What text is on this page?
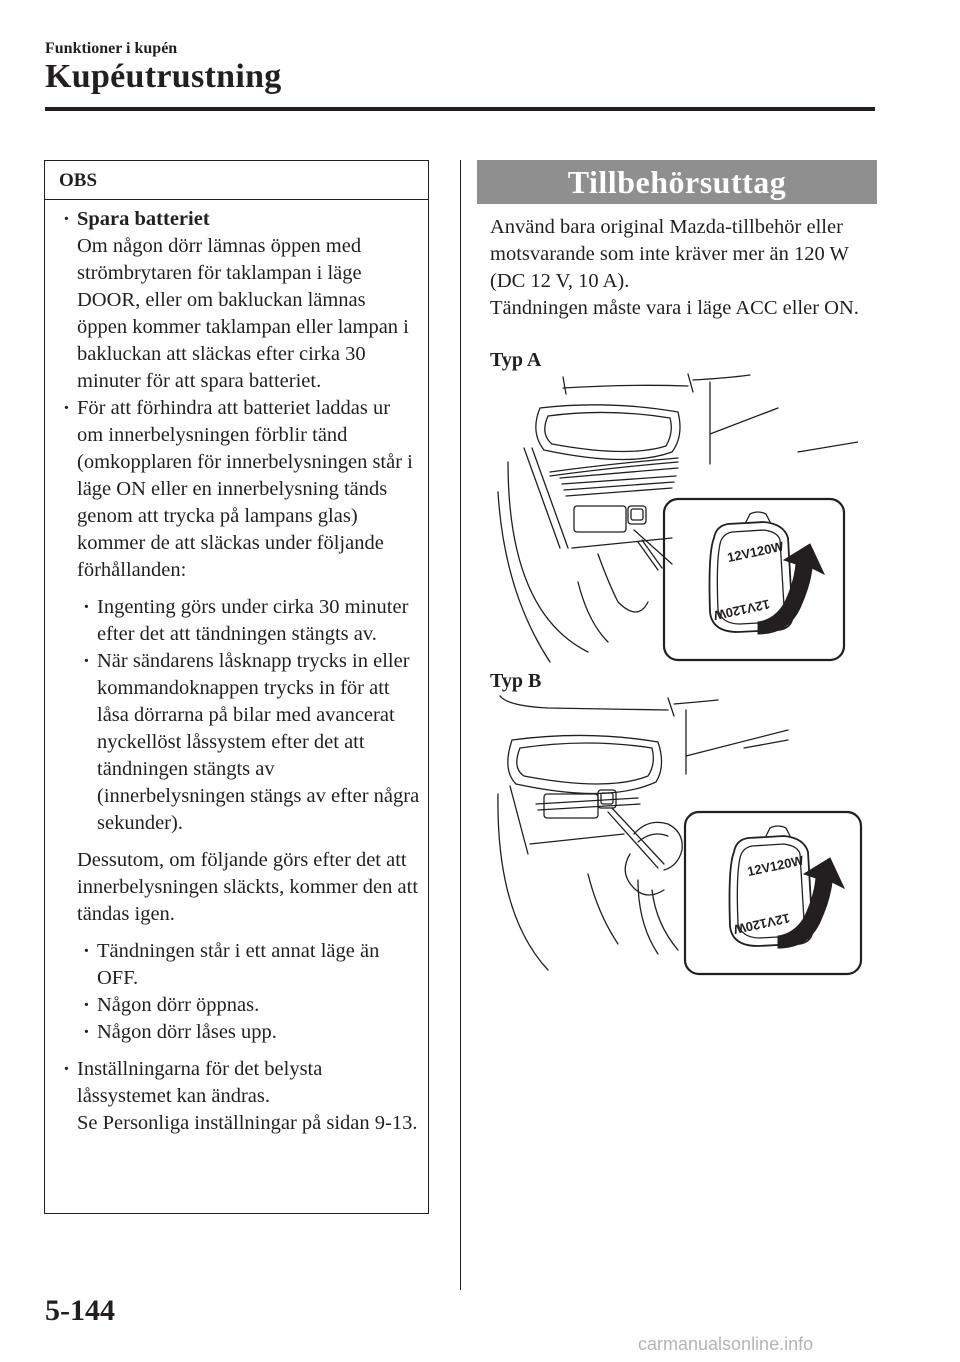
Funktioner i kupén
Kupéutrustning
OBS
· Spara batteriet
Om någon dörr lämnas öppen med strömbrytaren för taklampan i läge DOOR, eller om bakluckan lämnas öppen kommer taklampan eller lampan i bakluckan att släckas efter cirka 30 minuter för att spara batteriet.
· För att förhindra att batteriet laddas ur om innerbelysningen förblir tänd (omkopplaren för innerbelysningen står i läge ON eller en innerbelysning tänds genom att trycka på lampans glas) kommer de att släckas under följande förhållanden:
· Ingenting görs under cirka 30 minuter efter det att tändningen stängts av.
· När sändarens låsknapp trycks in eller kommandoknappen trycks in för att låsa dörrarna på bilar med avancerat nyckellöst låssystem efter det att tändningen stängts av (innerbelysningen stängs av efter några sekunder).
Dessutom, om följande görs efter det att innerbelysningen släckts, kommer den att tändas igen.
· Tändningen står i ett annat läge än OFF.
· Någon dörr öppnas.
· Någon dörr låses upp.
· Inställningarna för det belysta låssystemet kan ändras.
Se Personliga inställningar på sidan 9-13.
Tillbehörsuttag
Använd bara original Mazda-tillbehör eller motsvarande som inte kräver mer än 120 W (DC 12 V, 10 A).
Tändningen måste vara i läge ACC eller ON.
Typ A
12V120W
12V120W
Typ B
12V120W
12V120W
5-144
carmanualsonline.info
